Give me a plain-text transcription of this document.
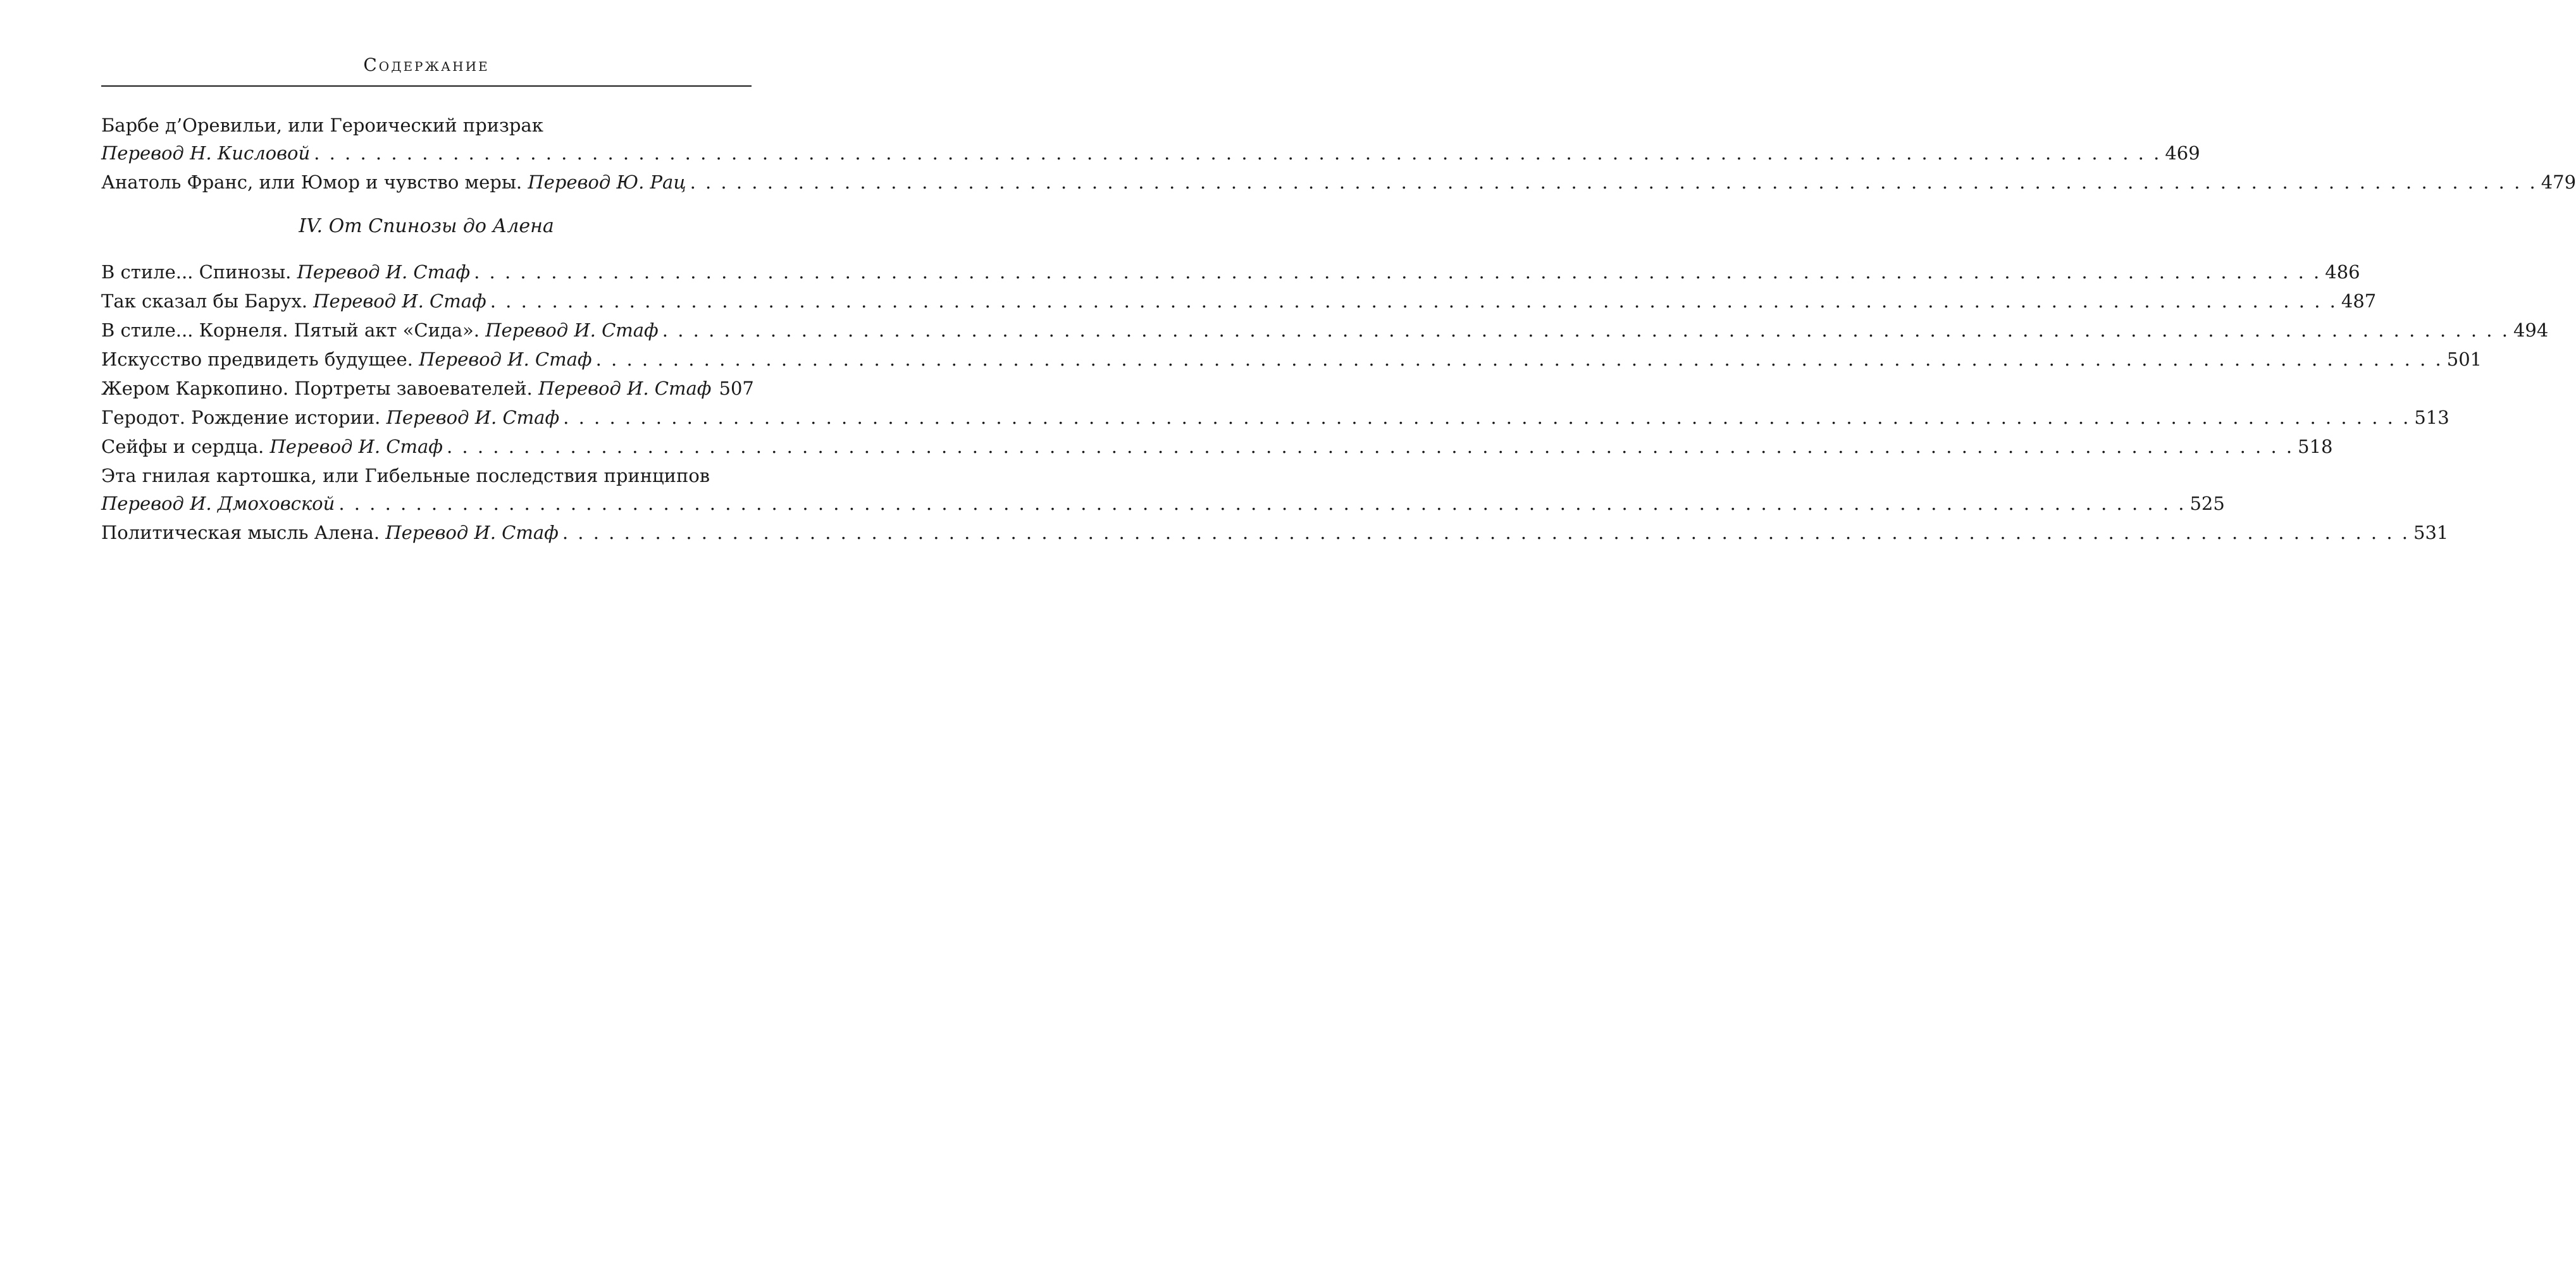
Содержание
Барбе д’Оревильи, или Героический призрак
Перевод Н. Кисловой . . . . . . . . . . . . . . . . . . . . . . . . . . . . . . . . . . . . . . . . . . . . . . . . . . . . . . . . . . . . . . . . . . . . . . . . . . . . . . . . . . . . . . . . . . . . . . . . . . . . . . . . . . . . . . . . . . . . . . . . 469
Анатоль Франс, или Юмор и чувство меры.
Перевод Ю. Рац . . . . . . . . . . . . . . . . . . . . . . . . . . . . . . . . . . . . . . . . . . . . . . . . . . . . . . . . . . . . . . . . . . . . . . . . . . . . . . . . . . . . . . . . . . . . . . . . . . . . . . . . . . . . . . . . . . . . . . . . 479
IV. От Спинозы до Алена
В стиле... Спинозы.
Перевод И. Стаф . . . . . . . . . . . . . . . . . . . . . . . . . . . . . . . . . . . . . . . . . . . . . . . . . . . . . . . . . . . . . . . . . . . . . . . . . . . . . . . . . . . . . . . . . . . . . . . . . . . . . . . . . . . . . . . . . . . . . . . . 486
Так сказал бы Барух.
Перевод И. Стаф . . . . . . . . . . . . . . . . . . . . . . . . . . . . . . . . . . . . . . . . . . . . . . . . . . . . . . . . . . . . . . . . . . . . . . . . . . . . . . . . . . . . . . . . . . . . . . . . . . . . . . . . . . . . . . . . . . . . . . . . 487
В стиле... Корнеля. Пятый акт «Сида».
Перевод И. Стаф . . . . . . . . . . . . . . . . . . . . . . . . . . . . . . . . . . . . . . . . . . . . . . . . . . . . . . . . . . . . . . . . . . . . . . . . . . . . . . . . . . . . . . . . . . . . . . . . . . . . . . . . . . . . . . . . . . . . . . . . 494
Искусство предвидеть будущее.
Перевод И. Стаф . . . . . . . . . . . . . . . . . . . . . . . . . . . . . . . . . . . . . . . . . . . . . . . . . . . . . . . . . . . . . . . . . . . . . . . . . . . . . . . . . . . . . . . . . . . . . . . . . . . . . . . . . . . . . . . . . . . . . . . . 501
Жером Каркопино. Портреты завоевателей.
Перевод И. Стаф 507
Геродот. Рождение истории.
Перевод И. Стаф . . . . . . . . . . . . . . . . . . . . . . . . . . . . . . . . . . . . . . . . . . . . . . . . . . . . . . . . . . . . . . . . . . . . . . . . . . . . . . . . . . . . . . . . . . . . . . . . . . . . . . . . . . . . . . . . . . . . . . . . 513
Сейфы и сердца.
Перевод И. Стаф . . . . . . . . . . . . . . . . . . . . . . . . . . . . . . . . . . . . . . . . . . . . . . . . . . . . . . . . . . . . . . . . . . . . . . . . . . . . . . . . . . . . . . . . . . . . . . . . . . . . . . . . . . . . . . . . . . . . . . . . 518
Эта гнилая картошка, или Гибельные последствия принципов
Перевод И. Дмоховской . . . . . . . . . . . . . . . . . . . . . . . . . . . . . . . . . . . . . . . . . . . . . . . . . . . . . . . . . . . . . . . . . . . . . . . . . . . . . . . . . . . . . . . . . . . . . . . . . . . . . . . . . . . . . . . . . . . . . . . . 525
Политическая мысль Алена.
Перевод И. Стаф . . . . . . . . . . . . . . . . . . . . . . . . . . . . . . . . . . . . . . . . . . . . . . . . . . . . . . . . . . . . . . . . . . . . . . . . . . . . . . . . . . . . . . . . . . . . . . . . . . . . . . . . . . . . . . . . . . . . . . . . 531
